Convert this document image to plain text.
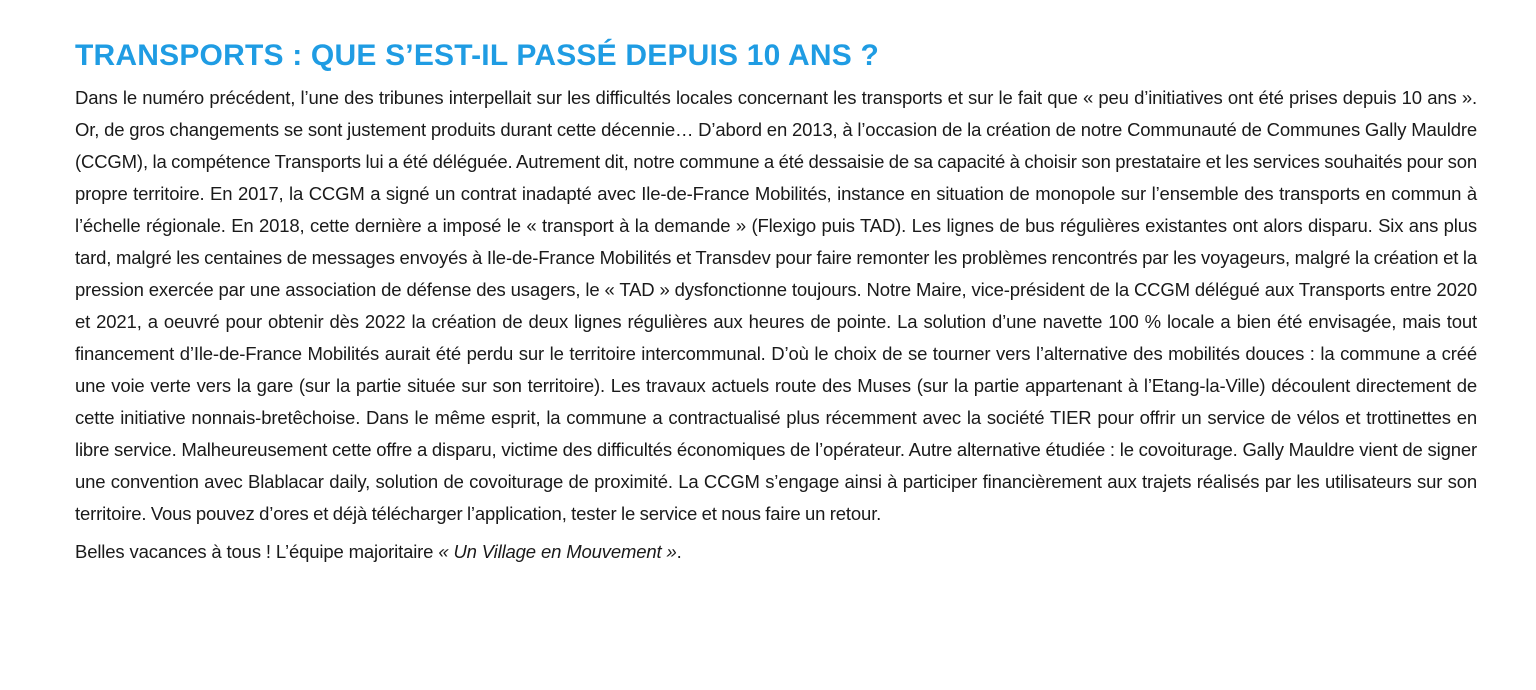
TRANSPORTS : QUE S’EST-IL PASSÉ DEPUIS 10 ANS ?

Dans le numéro précédent, l’une des tribunes interpellait sur les difficultés locales concernant les transports et sur le fait que « peu d’initiatives ont été prises depuis 10 ans ». Or, de gros changements se sont justement produits durant cette décennie… D’abord en 2013, à l’occasion de la création de notre Communauté de Communes Gally Mauldre (CCGM), la compétence Transports lui a été déléguée. Autrement dit, notre commune a été dessaisie de sa capacité à choisir son prestataire et les services souhaités pour son propre territoire. En 2017, la CCGM a signé un contrat inadapté avec Ile-de-France Mobilités, instance en situation de monopole sur l’ensemble des transports en commun à l’échelle régionale. En 2018, cette dernière a imposé le « transport à la demande » (Flexigo puis TAD). Les lignes de bus régulières existantes ont alors disparu. Six ans plus tard, malgré les centaines de messages envoyés à Ile-de-France Mobilités et Transdev pour faire remonter les problèmes rencontrés par les voyageurs, malgré la création et la pression exercée par une association de défense des usagers, le « TAD » dysfonctionne toujours. Notre Maire, vice-président de la CCGM délégué aux Transports entre 2020 et 2021, a oeuvré pour obtenir dès 2022 la création de deux lignes régulières aux heures de pointe. La solution d’une navette 100 % locale a bien été envisagée, mais tout financement d’Ile-de-France Mobilités aurait été perdu sur le territoire intercommunal. D’où le choix de se tourner vers l’alternative des mobilités douces : la commune a créé une voie verte vers la gare (sur la partie située sur son territoire). Les travaux actuels route des Muses (sur la partie appartenant à l’Etang-la-Ville) découlent directement de cette initiative nonnais-bretêchoise. Dans le même esprit, la commune a contractualisé plus récemment avec la société TIER pour offrir un service de vélos et trottinettes en libre service. Malheureusement cette offre a disparu, victime des difficultés économiques de l’opérateur. Autre alternative étudiée : le covoiturage. Gally Mauldre vient de signer une convention avec Blablacar daily, solution de covoiturage de proximité. La CCGM s’engage ainsi à participer financièrement aux trajets réalisés par les utilisateurs sur son territoire. Vous pouvez d’ores et déjà télécharger l’application, tester le service et nous faire un retour.

Belles vacances à tous ! L’équipe majoritaire « Un Village en Mouvement ».
